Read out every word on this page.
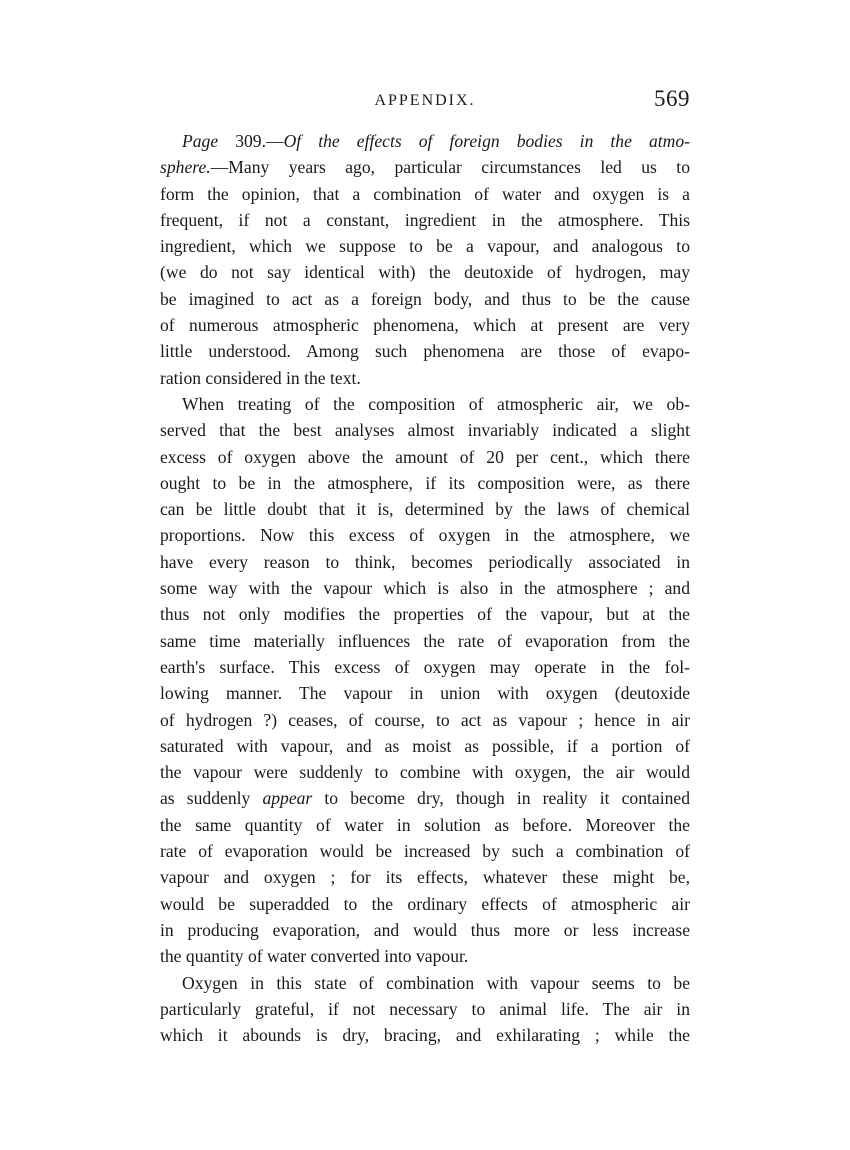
APPENDIX.	569
Page 309.—Of the effects of foreign bodies in the atmo-
sphere.—Many years ago, particular circumstances led us to
form the opinion, that a combination of water and oxygen is a
frequent, if not a constant, ingredient in the atmosphere. This
ingredient, which we suppose to be a vapour, and analogous to
(we do not say identical with) the deutoxide of hydrogen, may
be imagined to act as a foreign body, and thus to be the cause
of numerous atmospheric phenomena, which at present are very
little understood. Among such phenomena are those of evapo-
ration considered in the text.
When treating of the composition of atmospheric air, we ob-
served that the best analyses almost invariably indicated a slight
excess of oxygen above the amount of 20 per cent., which there
ought to be in the atmosphere, if its composition were, as there
can be little doubt that it is, determined by the laws of chemical
proportions. Now this excess of oxygen in the atmosphere, we
have every reason to think, becomes periodically associated in
some way with the vapour which is also in the atmosphere ; and
thus not only modifies the properties of the vapour, but at the
same time materially influences the rate of evaporation from the
earth's surface. This excess of oxygen may operate in the fol-
lowing manner. The vapour in union with oxygen (deutoxide
of hydrogen ?) ceases, of course, to act as vapour ; hence in air
saturated with vapour, and as moist as possible, if a portion of
the vapour were suddenly to combine with oxygen, the air would
as suddenly appear to become dry, though in reality it contained
the same quantity of water in solution as before. Moreover the
rate of evaporation would be increased by such a combination of
vapour and oxygen ; for its effects, whatever these might be,
would be superadded to the ordinary effects of atmospheric air
in producing evaporation, and would thus more or less increase
the quantity of water converted into vapour.
Oxygen in this state of combination with vapour seems to be
particularly grateful, if not necessary to animal life. The air in
which it abounds is dry, bracing, and exhilarating ; while the
